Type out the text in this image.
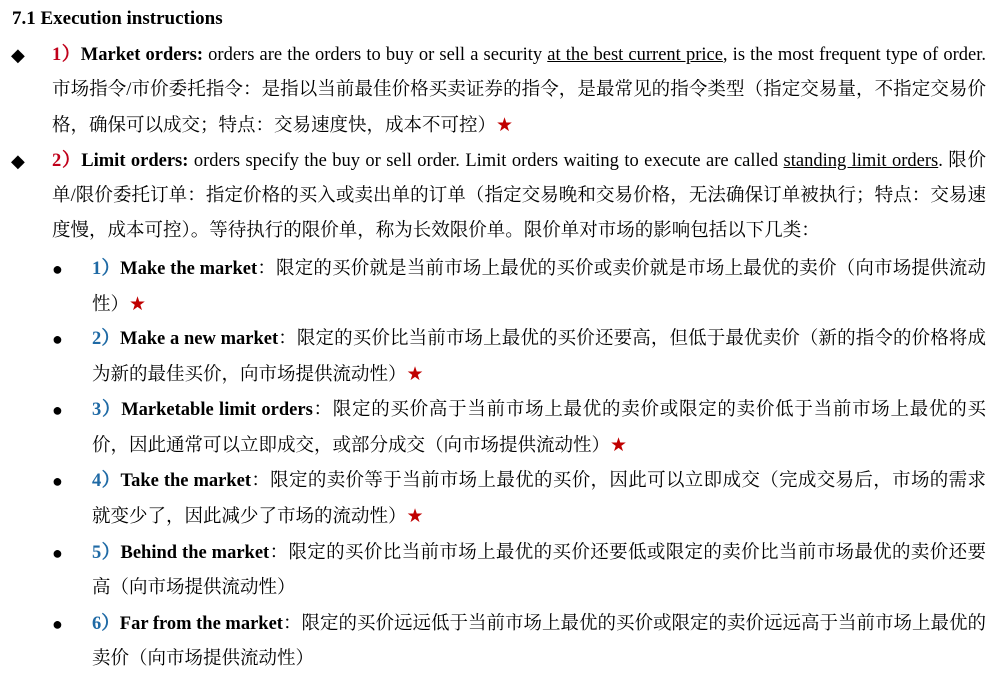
7.1 Execution instructions
◆ 1）Market orders: orders are the orders to buy or sell a security at the best current price, is the most frequent type of order. 市场指令/市价委托指令：是指以当前最佳价格买卖证券的指令，是最常见的指令类型（指定交易量，不指定交易价格，确保可以成交；特点：交易速度快，成本不可控）★
◆ 2）Limit orders: orders specify the buy or sell order. Limit orders waiting to execute are called standing limit orders. 限价单/限价委托订单：指定价格的买入或卖出单的订单（指定交易晚和交易价格，无法确保订单被执行；特点：交易速度慢，成本可控）。等待执行的限价单，称为长效限价单。限价单对市场的影响包括以下几类：
● 1）Make the market：限定的买价就是当前市场上最优的买价或卖价就是市场上最优的卖价（向市场提供流动性）★
● 2）Make a new market：限定的买价比当前市场上最优的买价还要高，但低于最优卖价（新的指令的价格将成为新的最佳买价，向市场提供流动性）★
● 3）Marketable limit orders：限定的买价高于当前市场上最优的卖价或限定的卖价低于当前市场上最优的买价，因此通常可以立即成交，或部分成交（向市场提供流动性）★
● 4）Take the market：限定的卖价等于当前市场上最优的买价，因此可以立即成交（完成交易后，市场的需求就变少了，因此减少了市场的流动性）★
● 5）Behind the market：限定的买价比当前市场上最优的买价还要低或限定的卖价比当前市场最优的卖价还要高（向市场提供流动性）
● 6）Far from the market：限定的买价远远低于当前市场上最优的买价或限定的卖价远远高于当前市场上最优的卖价（向市场提供流动性）
